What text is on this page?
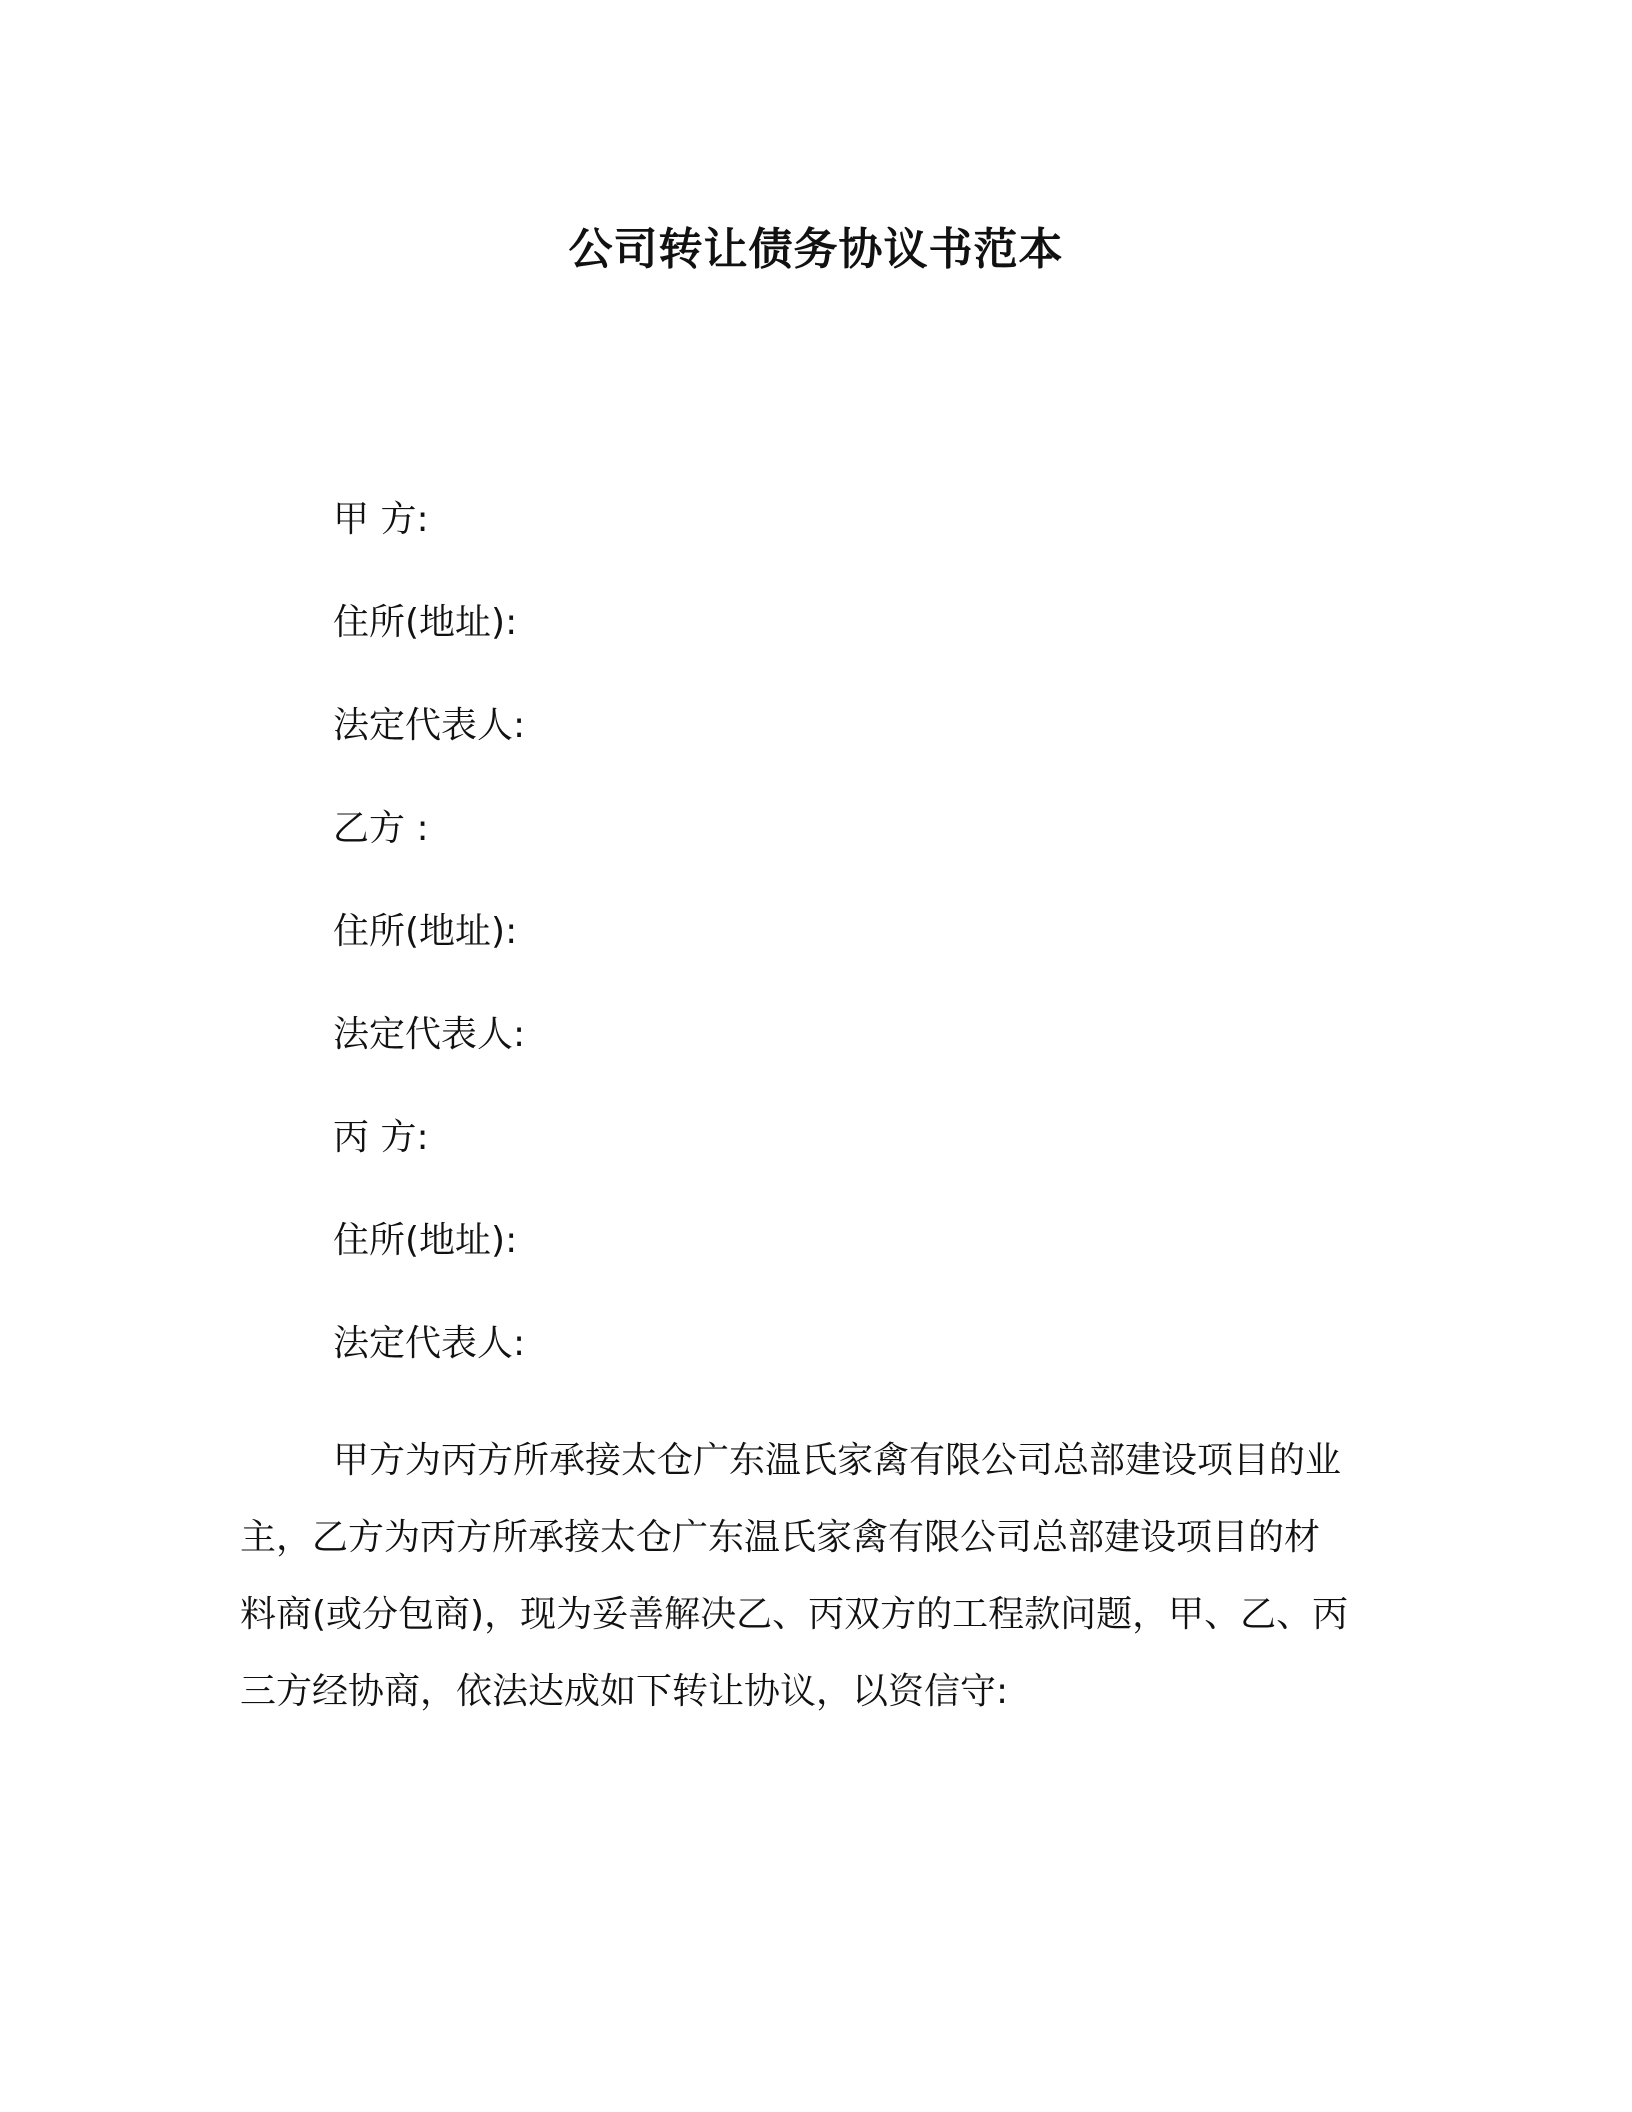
公司转让债务协议书范本
甲 方:
住所(地址):
法定代表人:
乙方 :
住所(地址):
法定代表人:
丙 方:
住所(地址):
法定代表人:
甲方为丙方所承接太仓广东温氏家禽有限公司总部建设项目的业
主，乙方为丙方所承接太仓广东温氏家禽有限公司总部建设项目的材
料商(或分包商)，现为妥善解决乙、丙双方的工程款问题，甲、乙、丙
三方经协商，依法达成如下转让协议，以资信守:
